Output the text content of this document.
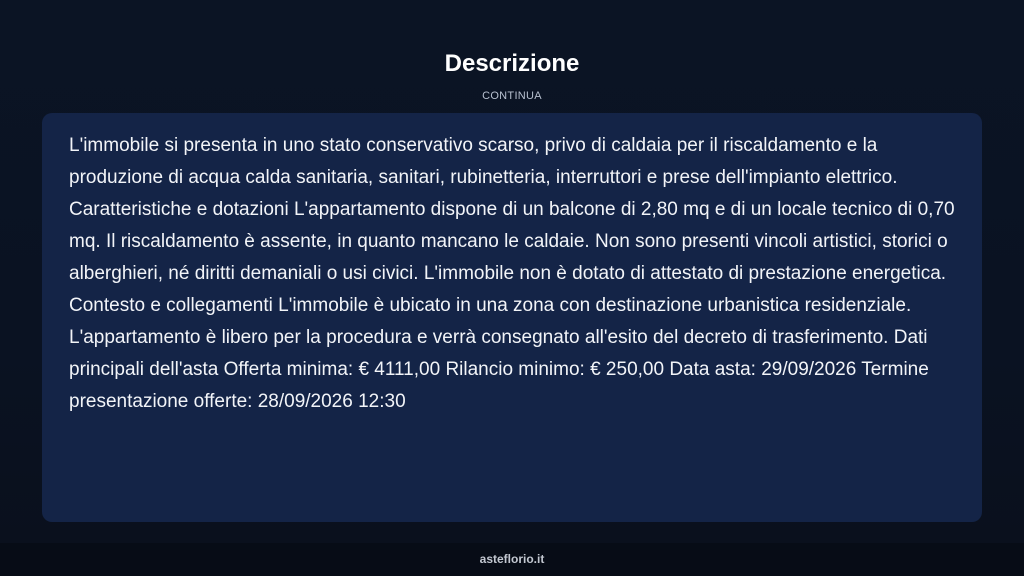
Descrizione
CONTINUA

L'immobile si presenta in uno stato conservativo scarso, privo di caldaia per il riscaldamento e la produzione di acqua calda sanitaria, sanitari, rubinetteria, interruttori e prese dell'impianto elettrico. Caratteristiche e dotazioni L'appartamento dispone di un balcone di 2,80 mq e di un locale tecnico di 0,70 mq. Il riscaldamento è assente, in quanto mancano le caldaie. Non sono presenti vincoli artistici, storici o alberghieri, né diritti demaniali o usi civici. L'immobile non è dotato di attestato di prestazione energetica. Contesto e collegamenti L'immobile è ubicato in una zona con destinazione urbanistica residenziale. L'appartamento è libero per la procedura e verrà consegnato all'esito del decreto di trasferimento. Dati principali dell'asta Offerta minima: € 4111,00 Rilancio minimo: € 250,00 Data asta: 29/09/2026 Termine presentazione offerte: 28/09/2026 12:30

asteflorio.it
